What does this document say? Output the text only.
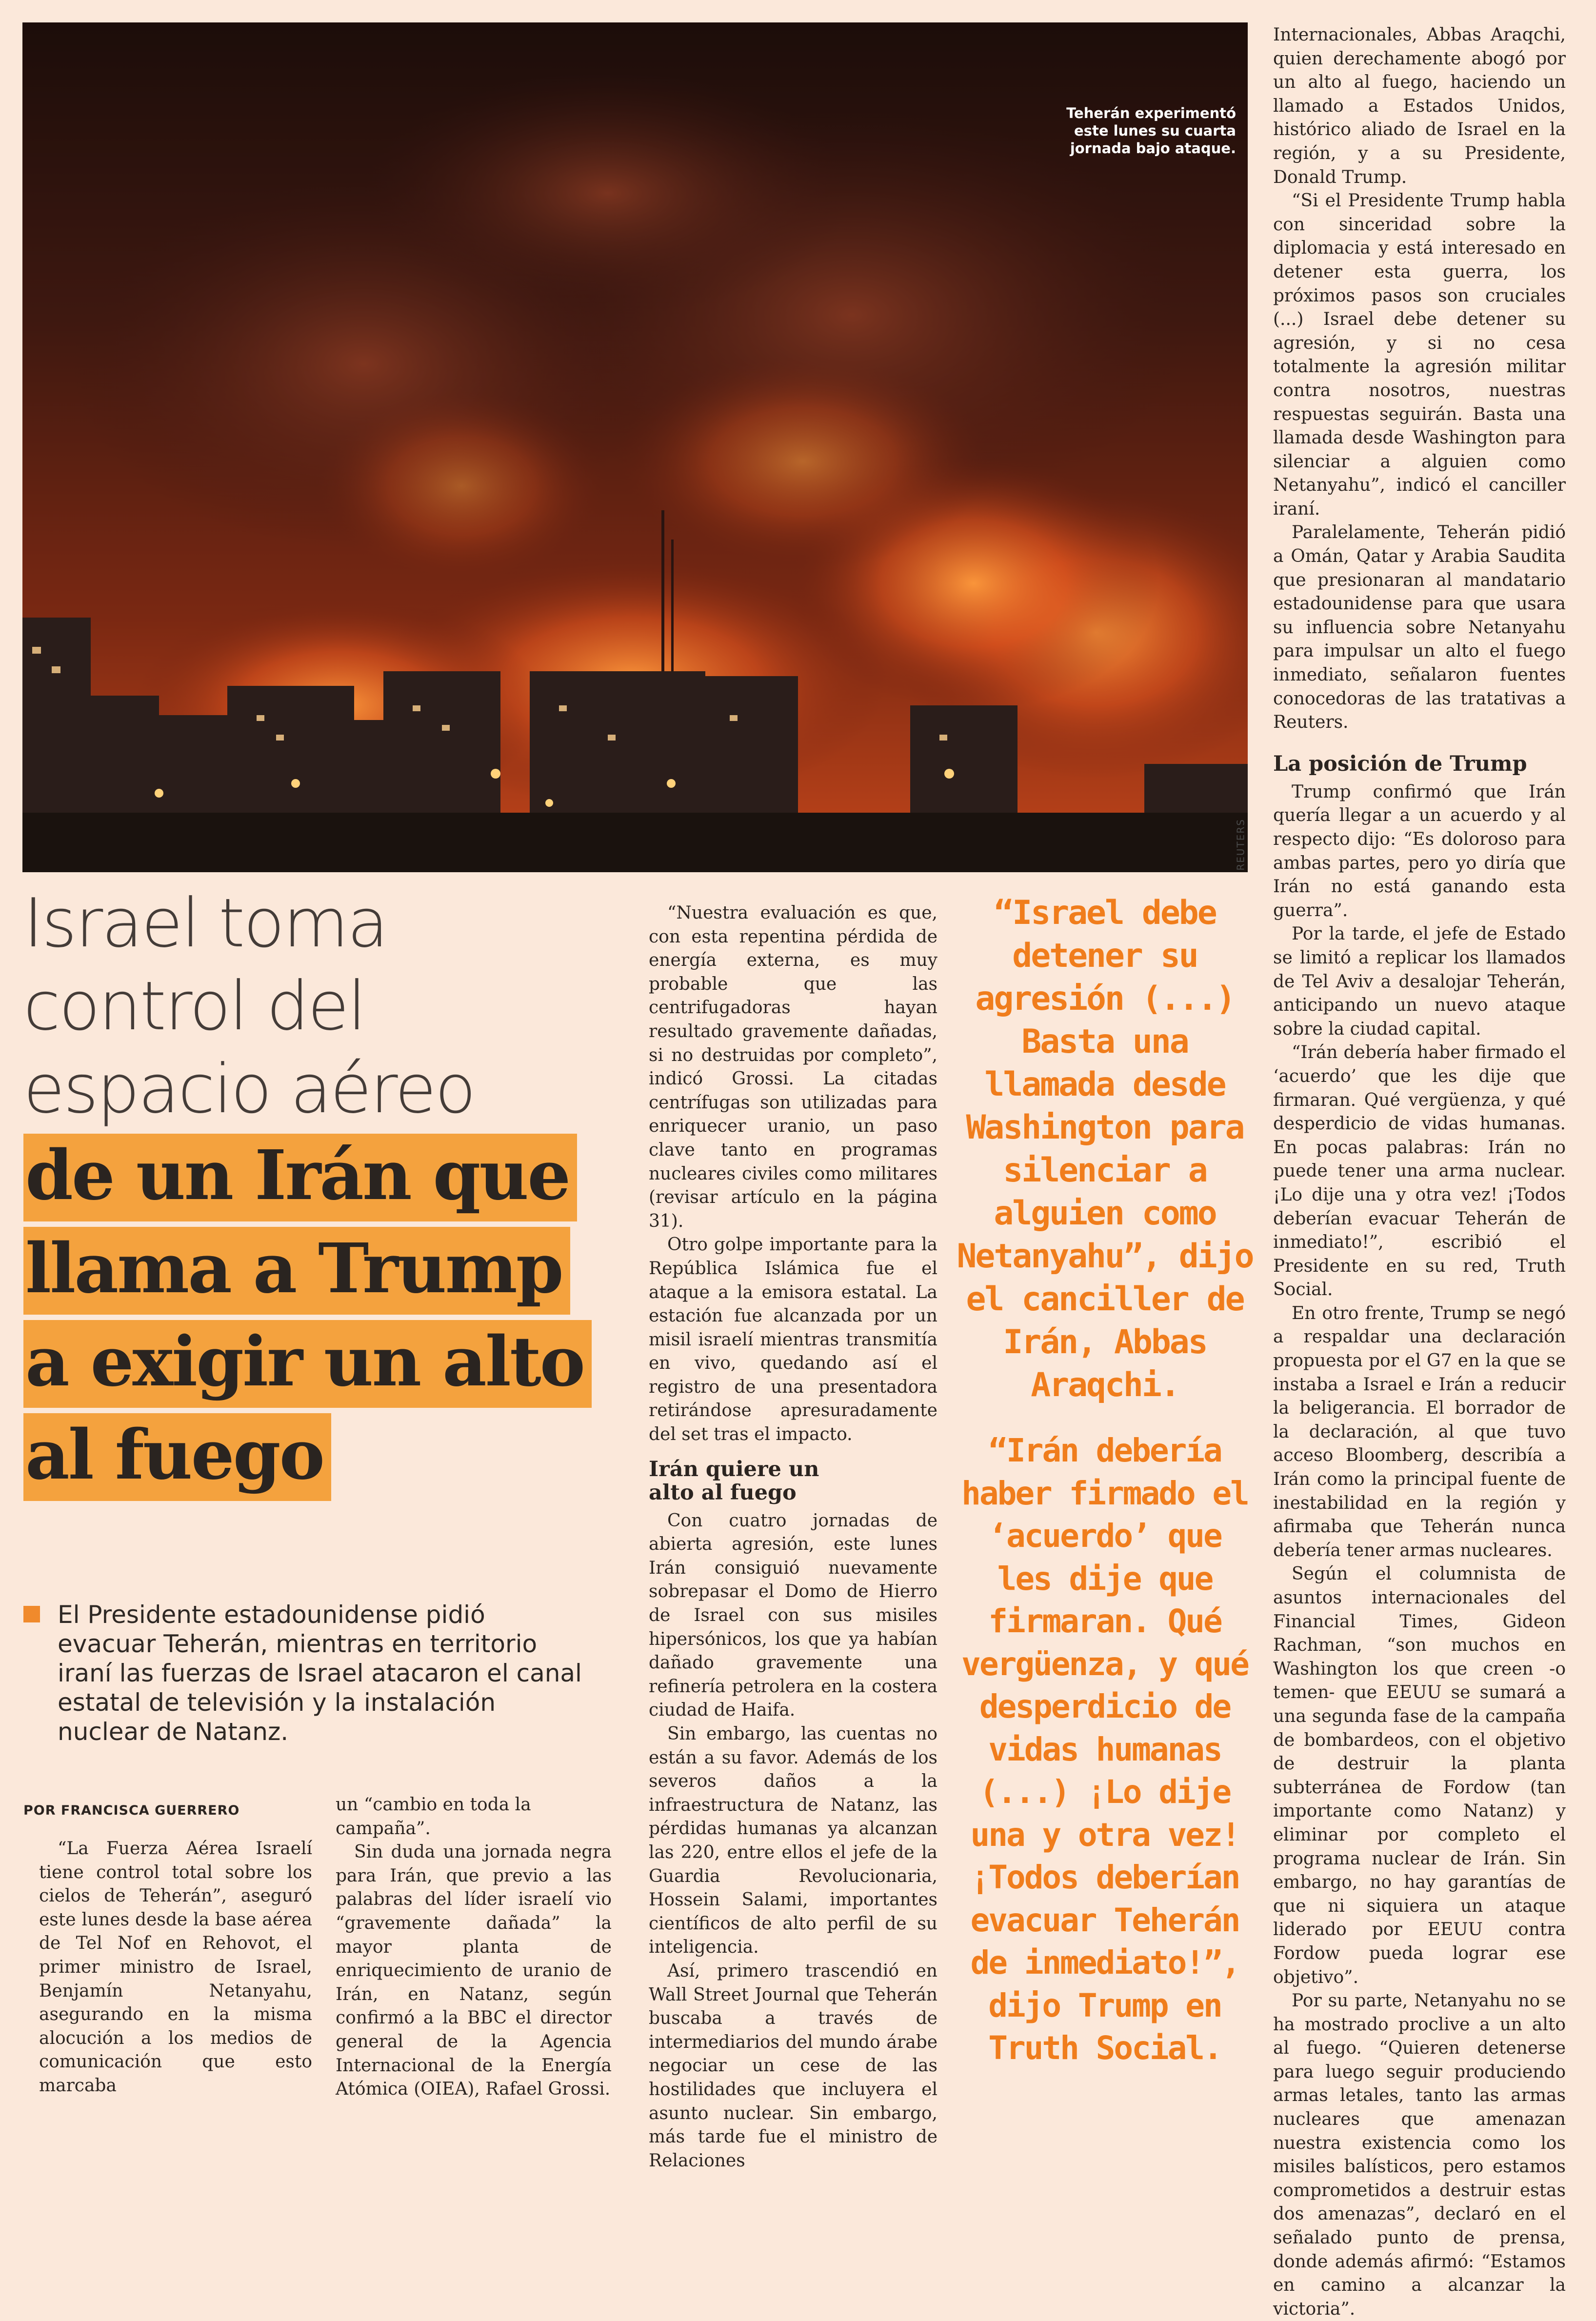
Teherán experimentó este lunes su cuarta jornada bajo ataque.
REUTERS
Israel toma
control del
espacio aéreo
de un Irán que
llama a Trump
a exigir un alto
al fuego
El Presidente estadounidense pidió evacuar Teherán, mientras en territorio iraní las fuerzas de Israel atacaron el canal estatal de televisión y la instalación nuclear de Natanz.
POR FRANCISCA GUERRERO

“La Fuerza Aérea Israelí tiene control total sobre los cielos de Teherán”, aseguró este lunes desde la base aérea de Tel Nof en Rehovot, el primer ministro de Israel, Benjamín Netanyahu, asegurando en la misma alocución a los medios de comunicación que esto marcaba

un “cambio en toda la campaña”.

Sin duda una jornada negra para Irán, que previo a las palabras del líder israelí vio “gravemente dañada” la mayor planta de enriquecimiento de uranio de Irán, en Natanz, según confirmó a la BBC el director general de la Agencia Internacional de la Energía Atómica (OIEA), Rafael Grossi.

“Nuestra evaluación es que, con esta repentina pérdida de energía externa, es muy probable que las centrifugadoras hayan resultado gravemente dañadas, si no destruidas por completo”, indicó Grossi. La citadas centrífugas son utilizadas para enriquecer uranio, un paso clave tanto en programas nucleares civiles como militares (revisar artículo en la página 31).

Otro golpe importante para la República Islámica fue el ataque a la emisora estatal. La estación fue alcanzada por un misil israelí mientras transmitía en vivo, quedando así el registro de una presentadora retirándose apresuradamente del set tras el impacto.

Irán quiere un alto al fuego

Con cuatro jornadas de abierta agresión, este lunes Irán consiguió nuevamente sobrepasar el Domo de Hierro de Israel con sus misiles hipersónicos, los que ya habían dañado gravemente una refinería petrolera en la costera ciudad de Haifa.

Sin embargo, las cuentas no están a su favor. Además de los severos daños a la infraestructura de Natanz, las pérdidas humanas ya alcanzan las 220, entre ellos el jefe de la Guardia Revolucionaria, Hossein Salami, importantes científicos de alto perfil de su inteligencia.

Así, primero trascendió en Wall Street Journal que Teherán buscaba a través de intermediarios del mundo árabe negociar un cese de las hostilidades que incluyera el asunto nuclear. Sin embargo, más tarde fue el ministro de Relaciones

“Israel debe detener su agresión (...) Basta una llamada desde Washington para silenciar a alguien como Netanyahu”, dijo el canciller de Irán, Abbas Araqchi.
“Irán debería haber firmado el ‘acuerdo’ que les dije que firmaran. Qué vergüenza, y qué desperdicio de vidas humanas (...) ¡Lo dije una y otra vez! ¡Todos deberían evacuar Teherán de inmediato!”, dijo Trump en Truth Social.

Internacionales, Abbas Araqchi, quien derechamente abogó por un alto al fuego, haciendo un llamado a Estados Unidos, histórico aliado de Israel en la región, y a su Presidente, Donald Trump.

“Si el Presidente Trump habla con sinceridad sobre la diplomacia y está interesado en detener esta guerra, los próximos pasos son cruciales (...) Israel debe detener su agresión, y si no cesa totalmente la agresión militar contra nosotros, nuestras respuestas seguirán. Basta una llamada desde Washington para silenciar a alguien como Netanyahu”, indicó el canciller iraní.

Paralelamente, Teherán pidió a Omán, Qatar y Arabia Saudita que presionaran al mandatario estadounidense para que usara su influencia sobre Netanyahu para impulsar un alto el fuego inmediato, señalaron fuentes conocedoras de las tratativas a Reuters.

La posición de Trump

Trump confirmó que Irán quería llegar a un acuerdo y al respecto dijo: “Es doloroso para ambas partes, pero yo diría que Irán no está ganando esta guerra”.

Por la tarde, el jefe de Estado se limitó a replicar los llamados de Tel Aviv a desalojar Teherán, anticipando un nuevo ataque sobre la ciudad capital.

“Irán debería haber firmado el ‘acuerdo’ que les dije que firmaran. Qué vergüenza, y qué desperdicio de vidas humanas. En pocas palabras: Irán no puede tener una arma nuclear. ¡Lo dije una y otra vez! ¡Todos deberían evacuar Teherán de inmediato!”, escribió el Presidente en su red, Truth Social.

En otro frente, Trump se negó a respaldar una declaración propuesta por el G7 en la que se instaba a Israel e Irán a reducir la beligerancia. El borrador de la declaración, al que tuvo acceso Bloomberg, describía a Irán como la principal fuente de inestabilidad en la región y afirmaba que Teherán nunca debería tener armas nucleares.

Según el columnista de asuntos internacionales del Financial Times, Gideon Rachman, “son muchos en Washington los que creen -o temen- que EEUU se sumará a una segunda fase de la campaña de bombardeos, con el objetivo de destruir la planta subterránea de Fordow (tan importante como Natanz) y eliminar por completo el programa nuclear de Irán. Sin embargo, no hay garantías de que ni siquiera un ataque liderado por EEUU contra Fordow pueda lograr ese objetivo”.

Por su parte, Netanyahu no se ha mostrado proclive a un alto al fuego. “Quieren detenerse para luego seguir produciendo armas letales, tanto las armas nucleares que amenazan nuestra existencia como los misiles balísticos, pero estamos comprometidos a destruir estas dos amenazas”, declaró en el señalado punto de prensa, donde además afirmó: “Estamos en camino a alcanzar la victoria”.
